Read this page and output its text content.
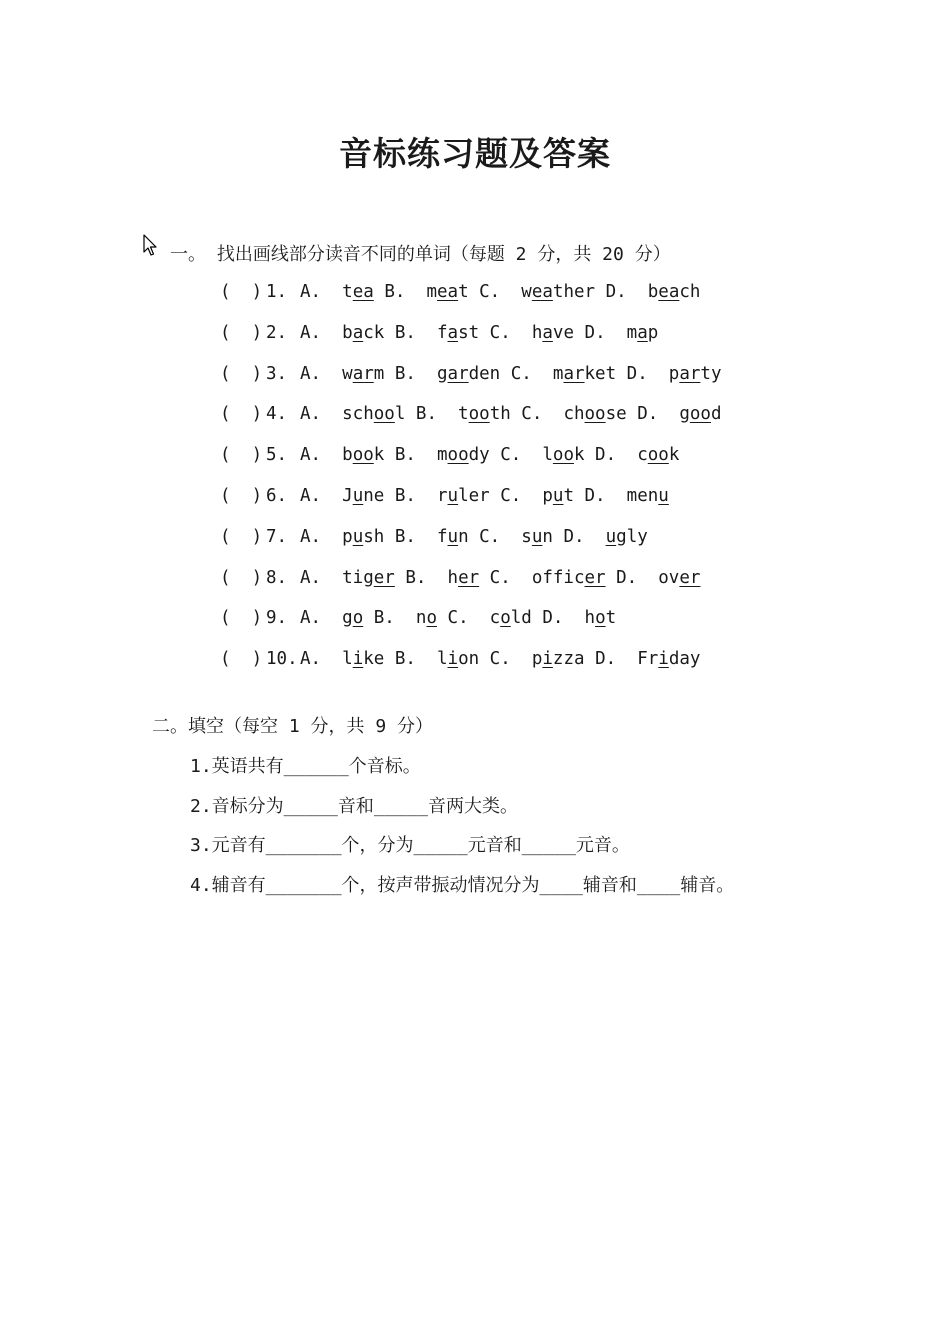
音标练习题及答案
一。 找出画线部分读音不同的单词（每题 2 分，共 20 分）
(  ) 1. A. t ea B.  m ea t C.  w ea ther D.  b ea ch
(  ) 2. A.  b a ck B.  f a st C.  h a ve D.  m a p
(  ) 3. A.  w ar m B.  g ar den C.  m ar ket D.  p ar ty
(  ) 4. A.  sch oo l B.  t oo th C.  ch oo se D.  g oo d
(  ) 5. A.  b oo k B.  m oo dy C.  l oo k D.  c oo k
(  ) 6. A.  J u ne B.  r u ler C.  p u t D.  men u
(  ) 7. A.  p u sh B.  f u n C.  s u n D. u gly
(  ) 8. A.  tig er B.  h er C.  offic er D.  ov er
(  ) 9. A.  g o B.  n o C.  c o ld D.  h o t
(  ) 10. A.  l i ke B.  l i on C.  p i zza D.  Fr i day
二。填空（每空 1 分，共 9 分）
1.英语共有______个音标。
2.音标分为_____音和_____音两大类。
3.元音有_______个，分为_____元音和_____元音。
4.辅音有_______个，按声带振动情况分为____辅音和____辅音。
